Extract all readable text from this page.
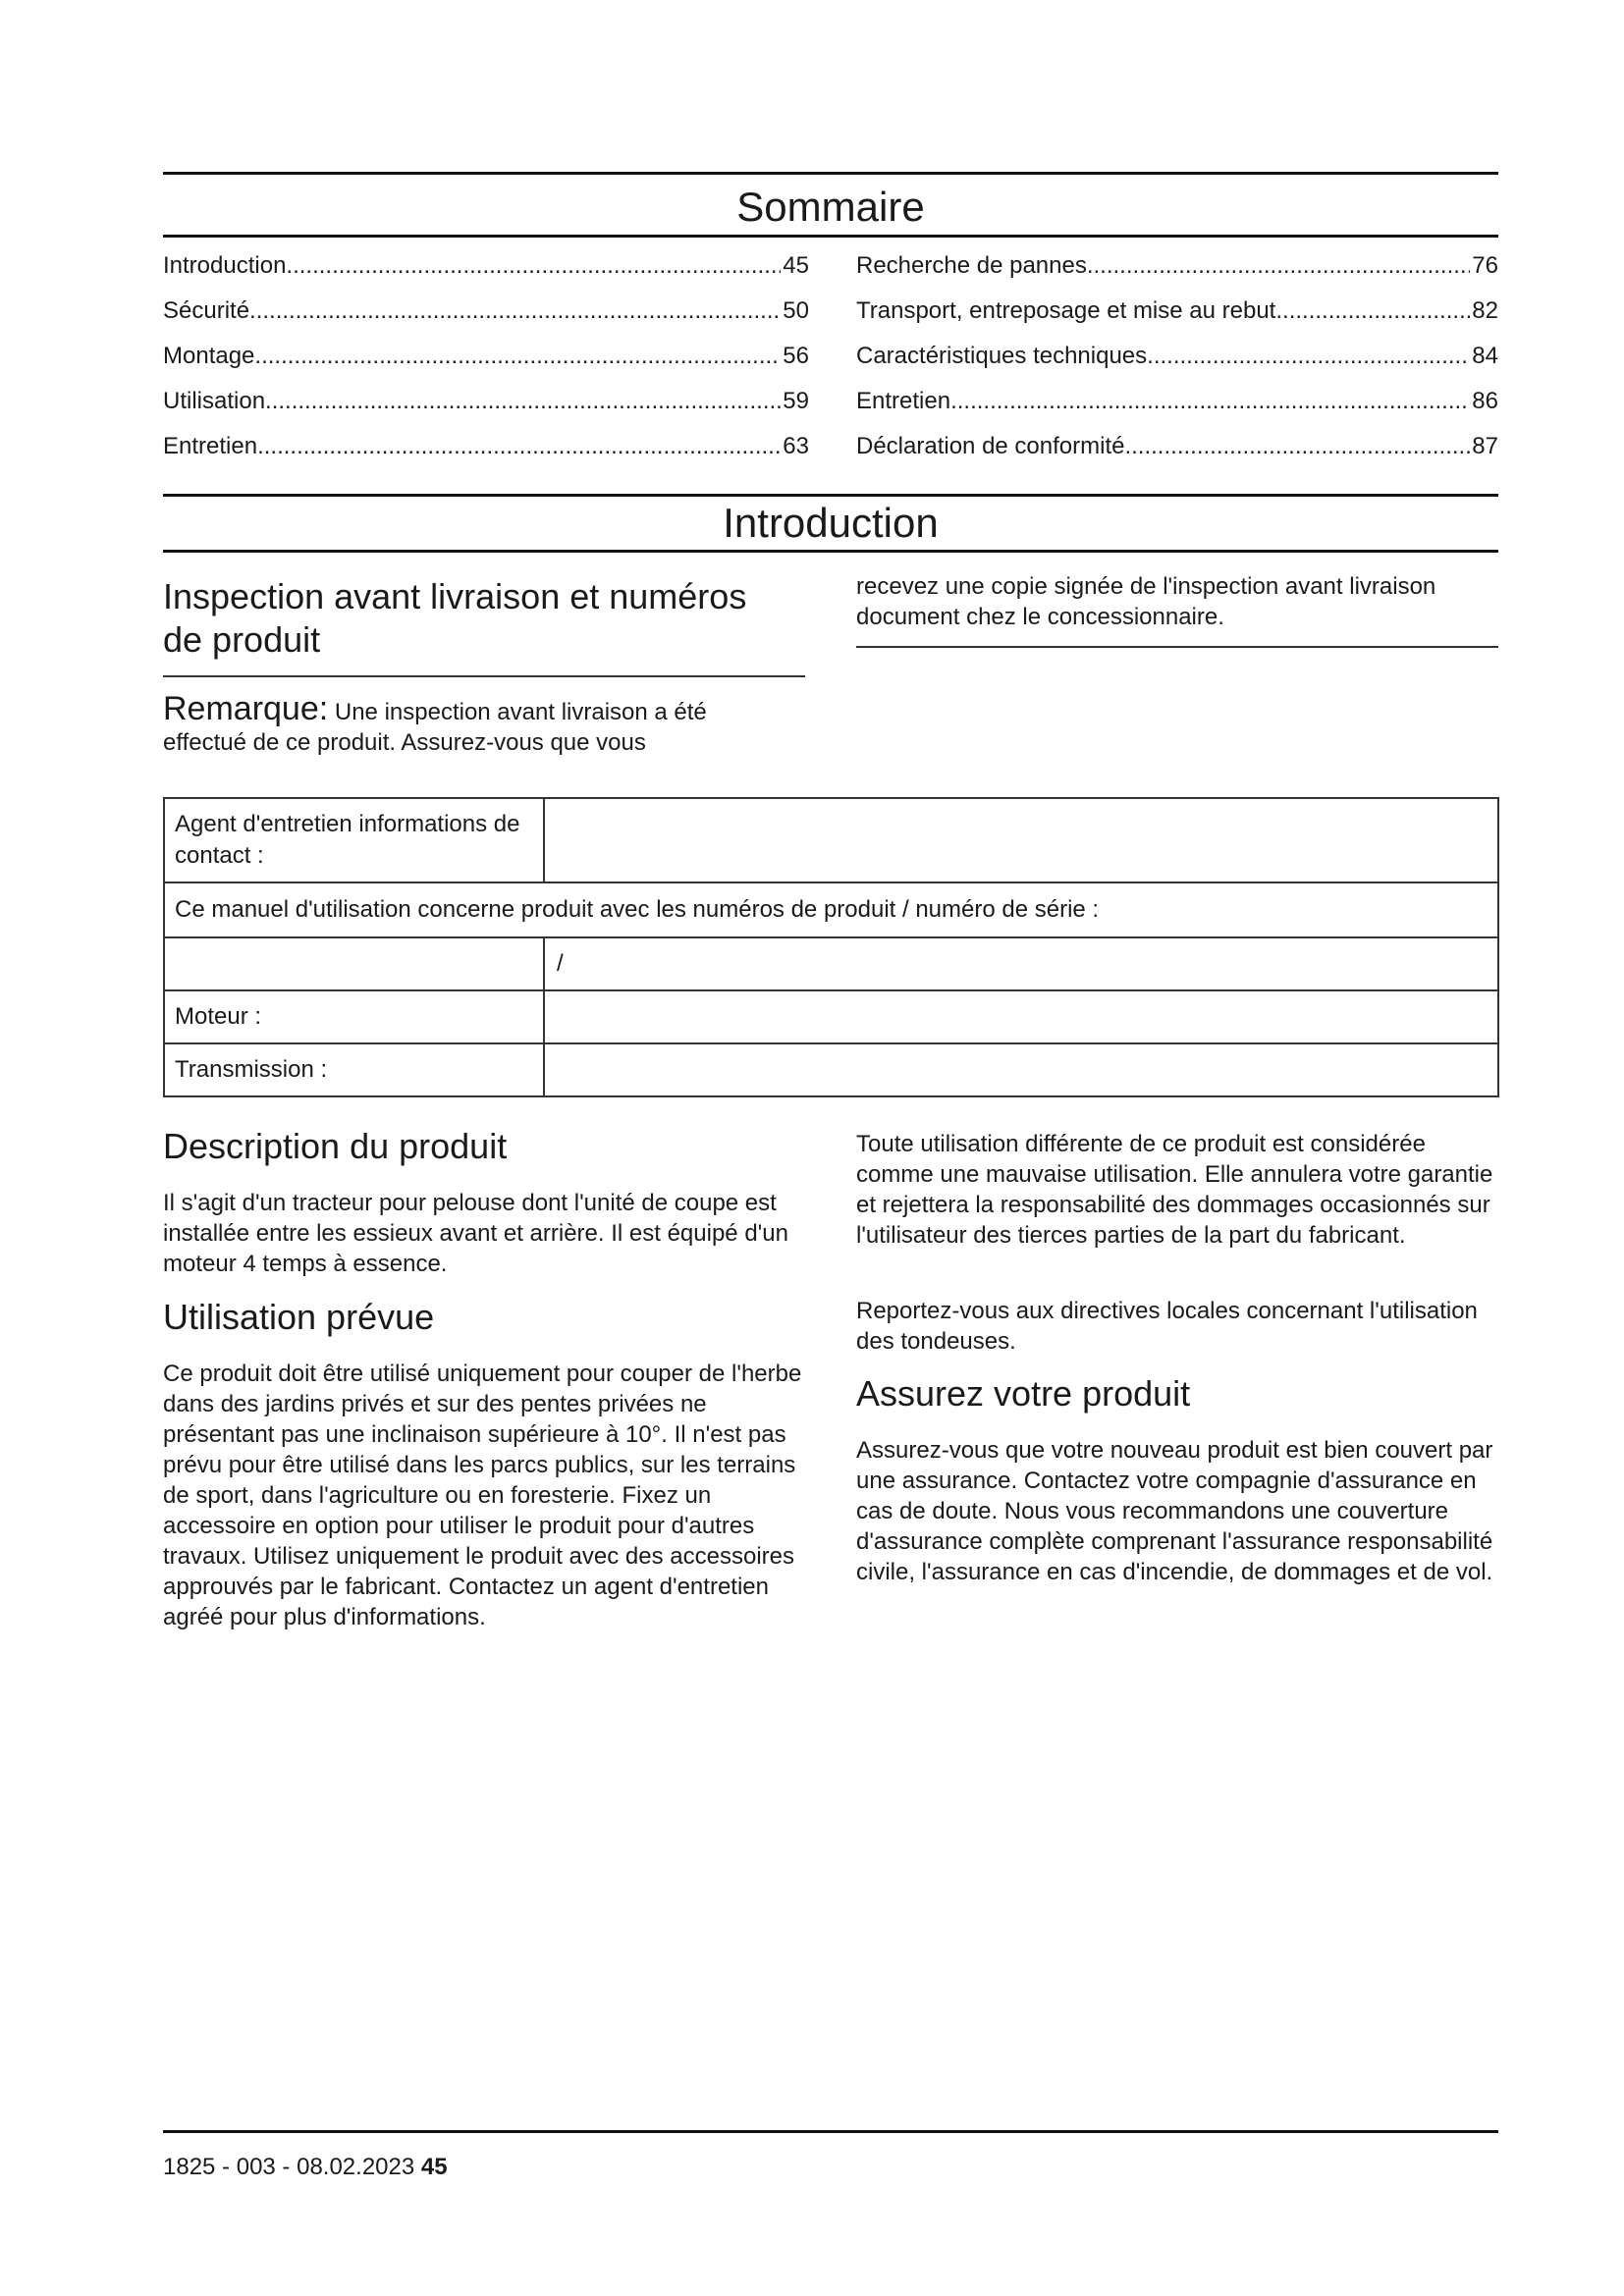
Sommaire
Introduction .....	45
Sécurité .....	50
Montage .....	56
Utilisation .....	59
Entretien .....	63
Recherche de pannes .....	76
Transport, entreposage et mise au rebut .....	82
Caractéristiques techniques .....	84
Entretien .....	86
Déclaration de conformité .....	87
Introduction
Inspection avant livraison et numéros de produit
Remarque: Une inspection avant livraison a été effectué de ce produit. Assurez-vous que vous
recevez une copie signée de l'inspection avant livraison document chez le concessionnaire.
Agent d'entretien informations de contact :	
Ce manuel d'utilisation concerne produit avec les numéros de produit / numéro de série :	
	/
Moteur :	
Transmission :	
Description du produit
Il s'agit d'un tracteur pour pelouse dont l'unité de coupe est installée entre les essieux avant et arrière. Il est équipé d'un moteur 4 temps à essence.
Utilisation prévue
Ce produit doit être utilisé uniquement pour couper de l'herbe dans des jardins privés et sur des pentes privées ne présentant pas une inclinaison supérieure à 10°. Il n'est pas prévu pour être utilisé dans les parcs publics, sur les terrains de sport, dans l'agriculture ou en foresterie. Fixez un accessoire en option pour utiliser le produit pour d'autres travaux. Utilisez uniquement le produit avec des accessoires approuvés par le fabricant. Contactez un agent d'entretien agréé pour plus d'informations.
Toute utilisation différente de ce produit est considérée comme une mauvaise utilisation. Elle annulera votre garantie et rejettera la responsabilité des dommages occasionnés sur l'utilisateur des tierces parties de la part du fabricant.
Reportez-vous aux directives locales concernant l'utilisation des tondeuses.
Assurez votre produit
Assurez-vous que votre nouveau produit est bien couvert par une assurance. Contactez votre compagnie d'assurance en cas de doute. Nous vous recommandons une couverture d'assurance complète comprenant l'assurance responsabilité civile, l'assurance en cas d'incendie, de dommages et de vol.
1825 - 003 - 08.02.2023 45
